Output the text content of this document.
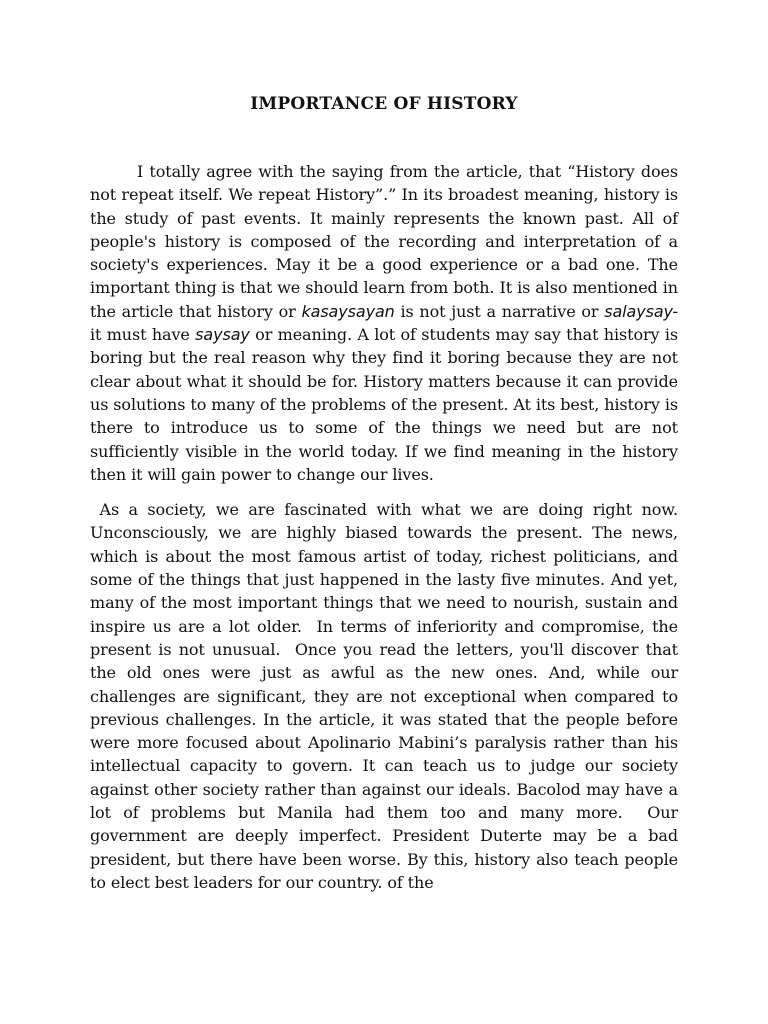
IMPORTANCE OF HISTORY

I totally agree with the saying from the article, that “History does not repeat itself. We repeat History”.” In its broadest meaning, history is the study of past events. It mainly represents the known past. All of people's history is composed of the recording and interpretation of a society's experiences. May it be a good experience or a bad one. The important thing is that we should learn from both. It is also mentioned in the article that history or kasaysayan is not just a narrative or salaysay- it must have saysay or meaning. A lot of students may say that history is boring but the real reason why they find it boring because they are not clear about what it should be for. History matters because it can provide us solutions to many of the problems of the present. At its best, history is there to introduce us to some of the things we need but are not sufficiently visible in the world today. If we find meaning in the history then it will gain power to change our lives.

As a society, we are fascinated with what we are doing right now. Unconsciously, we are highly biased towards the present. The news, which is about the most famous artist of today, richest politicians, and some of the things that just happened in the lasty five minutes. And yet, many of the most important things that we need to nourish, sustain and inspire us are a lot older.  In terms of inferiority and compromise, the present is not unusual.  Once you read the letters, you'll discover that the old ones were just as awful as the new ones. And, while our challenges are significant, they are not exceptional when compared to previous challenges. In the article, it was stated that the people before were more focused about Apolinario Mabini’s paralysis rather than his intellectual capacity to govern. It can teach us to judge our society against other society rather than against our ideals. Bacolod may have a lot of problems but Manila had them too and many more.  Our government are deeply imperfect. President Duterte may be a bad president, but there have been worse. By this, history also teach people to elect best leaders for our country. of the
